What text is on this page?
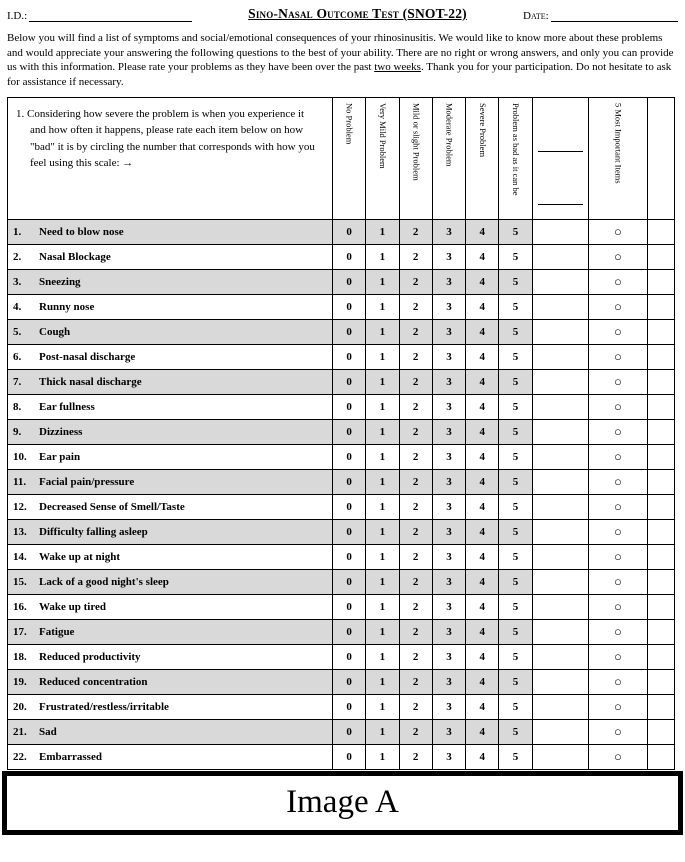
I.D.:	Sino-Nasal Outcome Test (SNOT-22)	Date:

Below you will find a list of symptoms and social/emotional consequences of your rhinosinusitis. We would like to know more about these problems and would appreciate your answering the following questions to the best of your ability. There are no right or wrong answers, and only you can provide us with this information. Please rate your problems as they have been over the past two weeks. Thank you for your participation. Do not hesitate to ask for assistance if necessary.

1. Considering how severe the problem is when you experience it and how often it happens, please rate each item below on how "bad" it is by circling the number that corresponds with how you feel using this scale: →	No Problem	Very Mild Problem	Mild or slight Problem	Moderate Problem	Severe Problem	Problem as bad as it can be		5 Most Important Items	

1. Need to blow nose	0	1	2	3	4	5		○	
2. Nasal Blockage	0	1	2	3	4	5		○	
3. Sneezing	0	1	2	3	4	5		○	
4. Runny nose	0	1	2	3	4	5		○	
5. Cough	0	1	2	3	4	5		○	
6. Post-nasal discharge	0	1	2	3	4	5		○	
7. Thick nasal discharge	0	1	2	3	4	5		○	
8. Ear fullness	0	1	2	3	4	5		○	
9. Dizziness	0	1	2	3	4	5		○	
10. Ear pain	0	1	2	3	4	5		○	
11. Facial pain/pressure	0	1	2	3	4	5		○	
12. Decreased Sense of Smell/Taste	0	1	2	3	4	5		○	
13. Difficulty falling asleep	0	1	2	3	4	5		○	
14. Wake up at night	0	1	2	3	4	5		○	
15. Lack of a good night's sleep	0	1	2	3	4	5		○	
16. Wake up tired	0	1	2	3	4	5		○	
17. Fatigue	0	1	2	3	4	5		○	
18. Reduced productivity	0	1	2	3	4	5		○	
19. Reduced concentration	0	1	2	3	4	5		○	
20. Frustrated/restless/irritable	0	1	2	3	4	5		○	
21. Sad	0	1	2	3	4	5		○	
22. Embarrassed	0	1	2	3	4	5		○	
Image A
